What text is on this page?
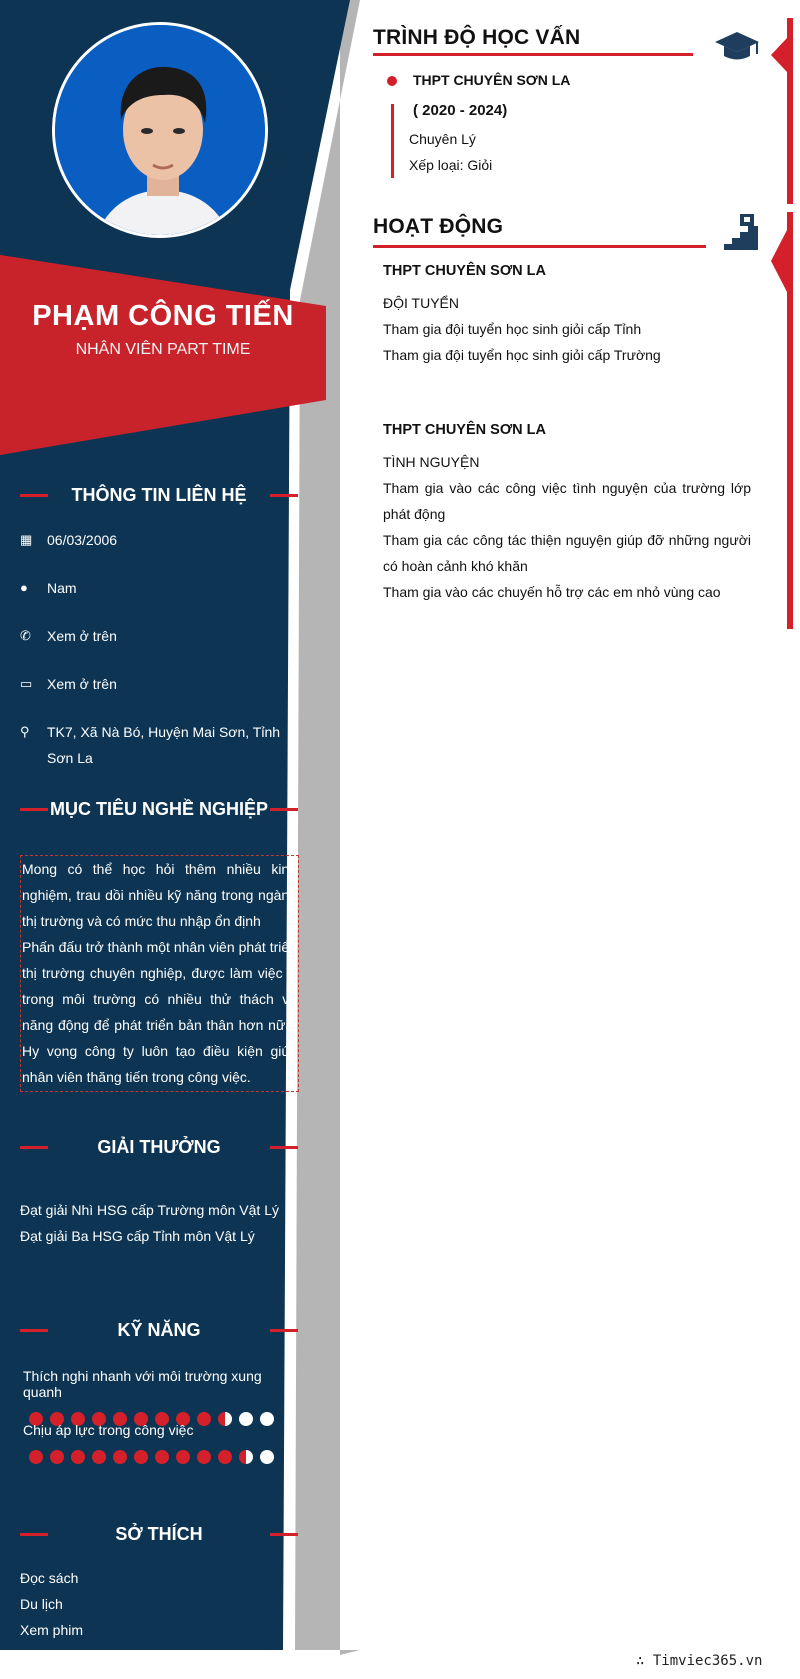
PHẠM CÔNG TIẾN
NHÂN VIÊN PART TIME
THÔNG TIN LIÊN HỆ
▦	06/03/2006
●	Nam
✆	Xem ở trên
▭	Xem ở trên
⚲	TK7, Xã Nà Bó, Huyện Mai Sơn, Tỉnh Sơn La
MỤC TIÊU NGHỀ NGHIỆP
Mong có thể học hỏi thêm nhiều kinh nghiệm, trau dồi nhiều kỹ năng trong ngành thị trường và có mức thu nhập ổn định
Phấn đấu trở thành một nhân viên phát triển thị trường chuyên nghiệp, được làm việc ở trong môi trường có nhiều thử thách và năng động để phát triển bản thân hơn nữa. Hy vọng công ty luôn tạo điều kiện giúp nhân viên thăng tiến trong công việc.
GIẢI THƯỞNG
Đạt giải Nhì HSG cấp Trường môn Vật Lý
Đạt giải Ba HSG cấp Tỉnh môn Vật Lý
KỸ NĂNG
Thích nghi nhanh với môi trường xung quanh
Chịu áp lực trong công việc
SỞ THÍCH
Đọc sách
Du lịch
Xem phim
TRÌNH ĐỘ HỌC VẤN
THPT CHUYÊN SƠN LA
( 2020 - 2024)
Chuyên Lý
Xếp loại: Giỏi
HOẠT ĐỘNG
THPT CHUYÊN SƠN LA
ĐỘI TUYỂN
Tham gia đội tuyển học sinh giỏi cấp Tỉnh
Tham gia đội tuyển học sinh giỏi cấp Trường
THPT CHUYÊN SƠN LA
TÌNH NGUYỆN
Tham gia vào các công việc tình nguyện của trường lớp phát động
Tham gia các công tác thiện nguyện giúp đỡ những người có hoàn cảnh khó khăn
Tham gia vào các chuyến hỗ trợ các em nhỏ vùng cao
∴ Timviec365.vn
